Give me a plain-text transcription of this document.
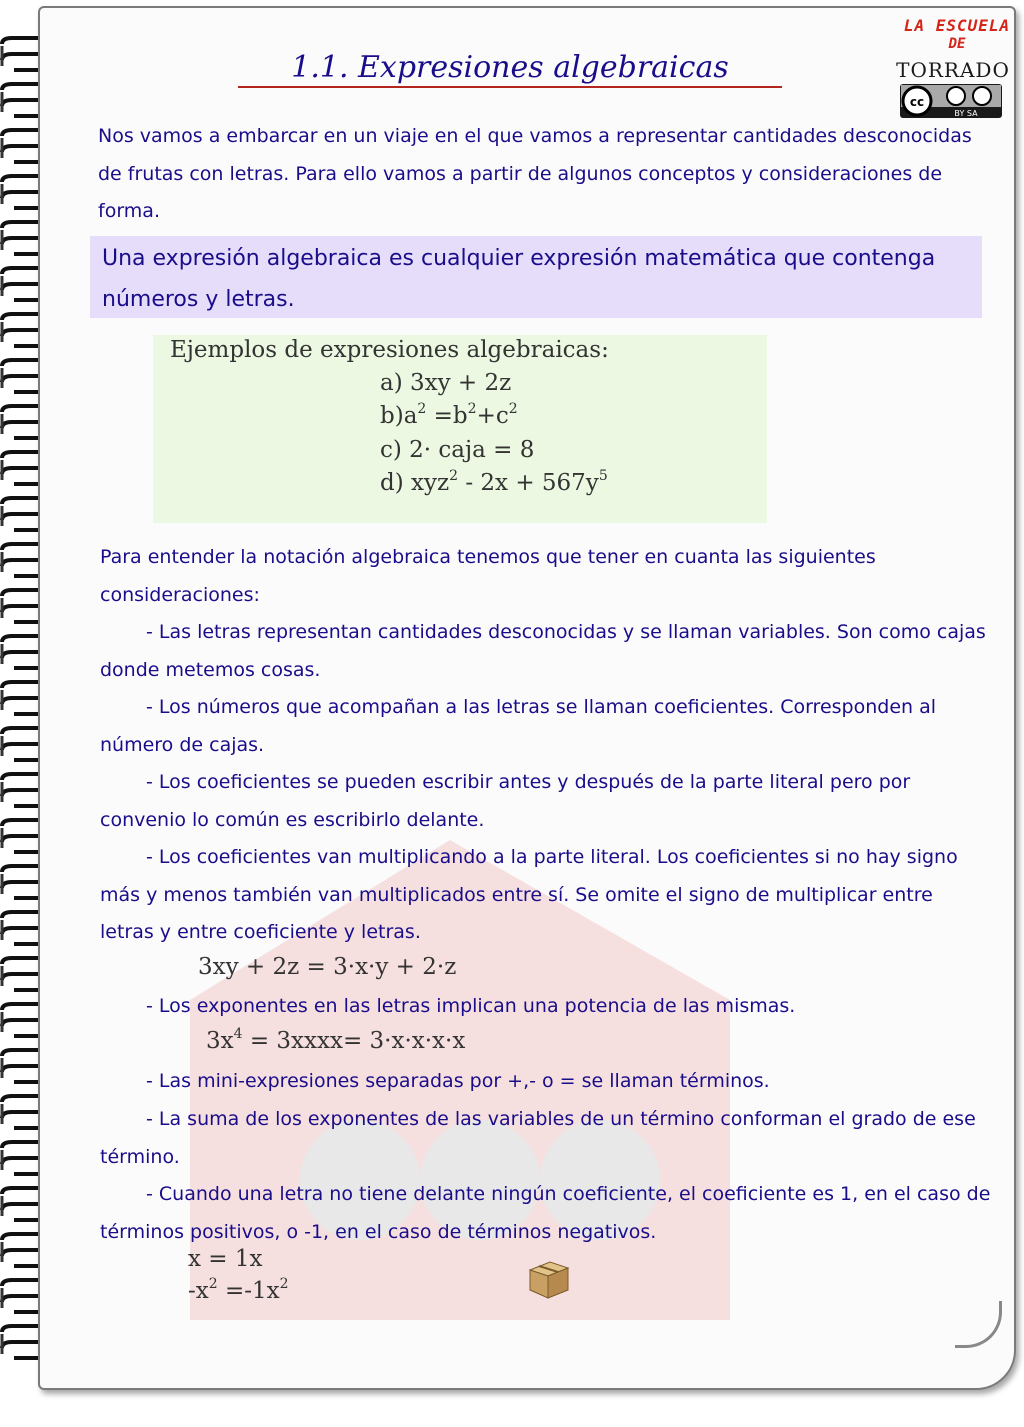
1.1. Expresiones algebraicas
LA ESCUELA
DE
TORRADO
cc
BY SA

Nos vamos a embarcar en un viaje en el que vamos a representar cantidades desconocidas de frutas con letras. Para ello vamos a partir de algunos conceptos y consideraciones de forma.

Una expresión algebraica es cualquier expresión matemática que contenga números y letras.
Ejemplos de expresiones algebraicas:
a) 3xy + 2z
$b)a^2 =b^2+c^2$
c) 2· caja = 8
d) $xyz^2 - 2x + 567y^5$

Para entender la notación algebraica tenemos que tener en cuanta las siguientes consideraciones:

- Las letras representan cantidades desconocidas y se llaman variables. Son como cajas donde metemos cosas.

- Los números que acompañan a las letras se llaman coeficientes. Corresponden al número de cajas.

- Los coeficientes se pueden escribir antes y después de la parte literal pero por convenio lo común es escribirlo delante.

- Los coeficientes van multiplicando a la parte literal. Los coeficientes si no hay signo más y menos también van multiplicados entre sí. Se omite el signo de multiplicar entre letras y entre coeficiente y letras.

3xy + 2z = 3·x·y + 2·z

- Los exponentes en las letras implican una potencia de las mismas.

$3x^4$ = 3xxxx= 3·x·x·x·x

- Las mini-expresiones separadas por +,- o = se llaman términos.

- La suma de los exponentes de las variables de un término conforman el grado de ese término.

- Cuando una letra no tiene delante ningún coeficiente, el coeficiente es 1, en el caso de términos positivos, o -1, en el caso de términos negativos.

x = 1x
$-x^2 =-1x^2$
